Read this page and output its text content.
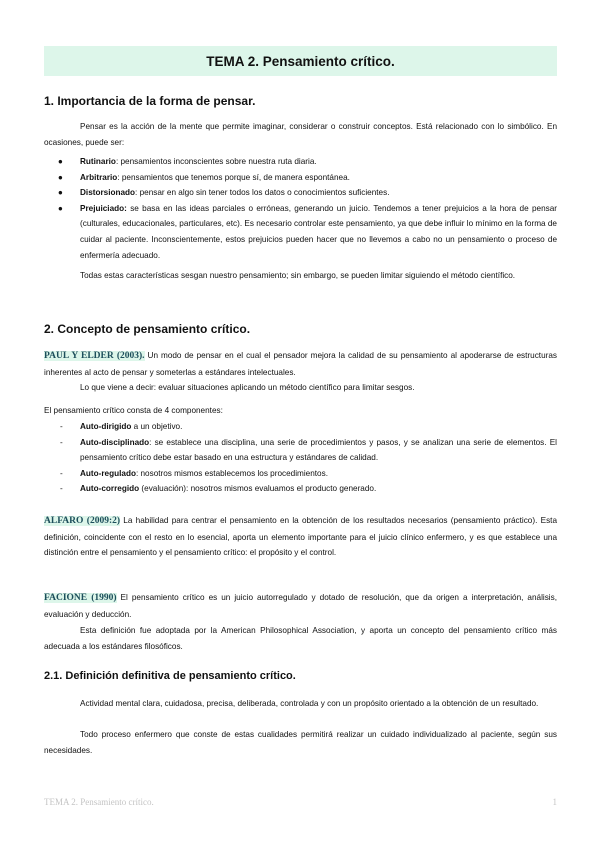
TEMA 2. Pensamiento crítico.
1. Importancia de la forma de pensar.
Pensar es la acción de la mente que permite imaginar, considerar o construir conceptos. Está relacionado con lo simbólico. En ocasiones, puede ser:
● Rutinario: pensamientos inconscientes sobre nuestra ruta diaria.
● Arbitrario: pensamientos que tenemos porque sí, de manera espontánea.
● Distorsionado: pensar en algo sin tener todos los datos o conocimientos suficientes.
● Prejuiciado: se basa en las ideas parciales o erróneas, generando un juicio. Tendemos a tener prejuicios a la hora de pensar (culturales, educacionales, particulares, etc). Es necesario controlar este pensamiento, ya que debe influir lo mínimo en la forma de cuidar al paciente. Inconscientemente, estos prejuicios pueden hacer que no llevemos a cabo no un pensamiento o proceso de enfermería adecuado.
Todas estas características sesgan nuestro pensamiento; sin embargo, se pueden limitar siguiendo el método científico.
2. Concepto de pensamiento crítico.
PAUL Y ELDER (2003). Un modo de pensar en el cual el pensador mejora la calidad de su pensamiento al apoderarse de estructuras inherentes al acto de pensar y someterlas a estándares intelectuales.
Lo que viene a decir: evaluar situaciones aplicando un método científico para limitar sesgos.
El pensamiento crítico consta de 4 componentes:
- Auto-dirigido a un objetivo.
- Auto-disciplinado: se establece una disciplina, una serie de procedimientos y pasos, y se analizan una serie de elementos. El pensamiento crítico debe estar basado en una estructura y estándares de calidad.
- Auto-regulado: nosotros mismos establecemos los procedimientos.
- Auto-corregido (evaluación): nosotros mismos evaluamos el producto generado.
ALFARO (2009:2) La habilidad para centrar el pensamiento en la obtención de los resultados necesarios (pensamiento práctico). Esta definición, coincidente con el resto en lo esencial, aporta un elemento importante para el juicio clínico enfermero, y es que establece una distinción entre el pensamiento y el pensamiento crítico: el propósito y el control.
FACIONE (1990) El pensamiento crítico es un juicio autorregulado y dotado de resolución, que da origen a interpretación, análisis, evaluación y deducción.
Esta definición fue adoptada por la American Philosophical Association, y aporta un concepto del pensamiento crítico más adecuada a los estándares filosóficos.
2.1. Definición definitiva de pensamiento crítico.
Actividad mental clara, cuidadosa, precisa, deliberada, controlada y con un propósito orientado a la obtención de un resultado.
Todo proceso enfermero que conste de estas cualidades permitirá realizar un cuidado individualizado al paciente, según sus necesidades.
TEMA 2. Pensamiento crítico.	1
